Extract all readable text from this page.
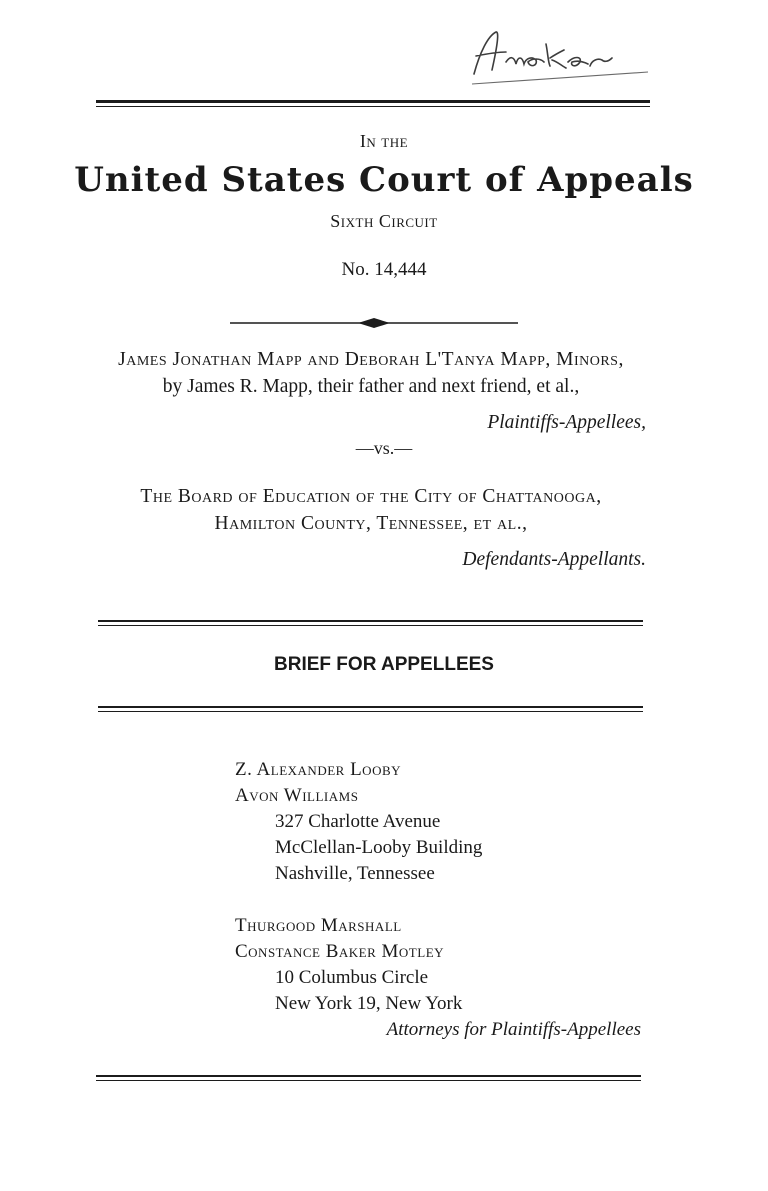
In the
United States Court of Appeals
Sixth Circuit
No. 14,444
James Jonathan Mapp and Deborah L'Tanya Mapp, Minors,
by James R. Mapp, their father and next friend, et al.,
Plaintiffs-Appellees,
—vs.—
The Board of Education of the City of Chattanooga,
Hamilton County, Tennessee, et al.,
Defendants-Appellants.
BRIEF FOR APPELLEES
Z. Alexander Looby
Avon Williams
327 Charlotte Avenue
McClellan-Looby Building
Nashville, Tennessee
Thurgood Marshall
Constance Baker Motley
10 Columbus Circle
New York 19, New York
Attorneys for Plaintiffs-Appellees
